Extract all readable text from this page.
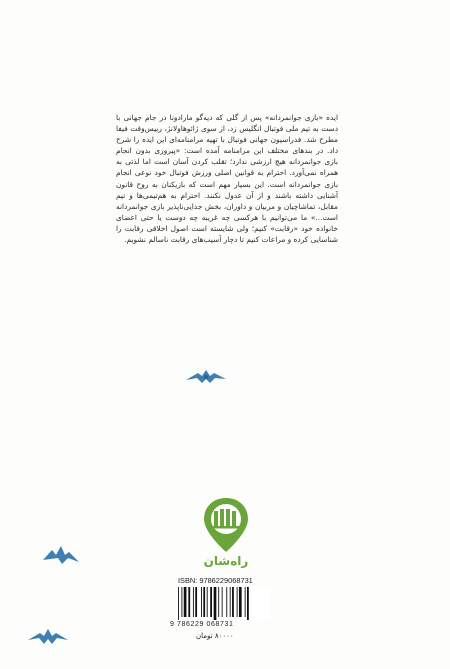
ایده «بازی جوانمردانه» پس از گلی که دیه‌گو مارادونا در جام جهانی با دست به تیم ملی فوتبال انگلیس زد، از سوی ژائوهاولانژ، رییس‌وقت فیفا مطرح شد. فدراسیون جهانی فوتبال با تهیه مرامنامه‌ای این ایده را شرح داد. در بندهای مختلف این مرامنامه آمده است: «پیروزی بدون انجام بازی جوانمردانه هیچ ارزشی ندارد؛ تقلب کردن آسان است اما لذتی به همراه نمی‌آورد. احترام به قوانین اصلی ورزش فوتبال خود نوعی انجام بازی جوانمردانه است. این بسیار مهم است که بازیکنان به روح قانون آشنایی داشته باشند و از آن عدول نکنند. احترام به هم‌تیمی‌ها و تیم مقابل، تماشاچیان و مربیان و داوران، بخش جدایی‌ناپذیر بازی جوانمردانه است...» ما می‌توانیم با هرکسی چه غریبه چه دوست یا حتی اعضای خانواده خود «رقابت» کنیم؛ ولی شایسته است اصول اخلاقی رقابت را شناسایی کرده و مراعات کنیم تا دچار آسیب‌های رقابت ناسالم نشویم.

راه‌شان
ISBN: 9786229068731
9 786229 068731
۸۰۰۰۰ تومان
